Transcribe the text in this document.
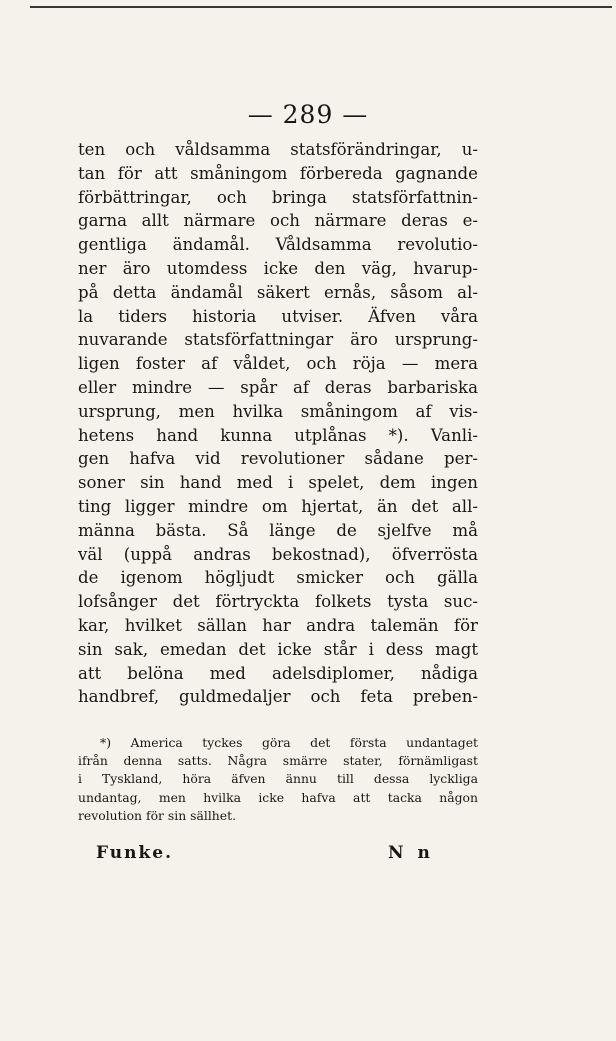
— 289 —
ten och våldsamma statsförändringar, u-
tan för att småningom förbereda gagnande
förbättringar, och bringa statsförfattnin-
garna allt närmare och närmare deras e-
gentliga ändamål. Våldsamma revolutio-
ner äro utomdess icke den väg, hvarup-
på detta ändamål säkert ernås, såsom al-
la tiders historia utviser. Äfven våra
nuvarande statsförfattningar äro ursprung-
ligen foster af våldet, och röja — mera
eller mindre — spår af deras barbariska
ursprung, men hvilka småningom af vis-
hetens hand kunna utplånas *). Vanli-
gen hafva vid revolutioner sådane per-
soner sin hand med i spelet, dem ingen
ting ligger mindre om hjertat, än det all-
männa bästa. Så länge de sjelfve må
väl (uppå andras bekostnad), öfverrösta
de igenom högljudt smicker och gälla
lofsånger det förtryckta folkets tysta suc-
kar, hvilket sällan har andra talemän för
sin sak, emedan det icke står i dess magt
att belöna med adelsdiplomer, nådiga
handbref, guldmedaljer och feta preben-
*) America tyckes göra det första undantaget
ifrån denna satts. Några smärre stater, förnämligast
i Tyskland, höra äfven ännu till dessa lyckliga
undantag, men hvilka icke hafva att tacka någon
revolution för sin sällhet.
Funke.	N n
